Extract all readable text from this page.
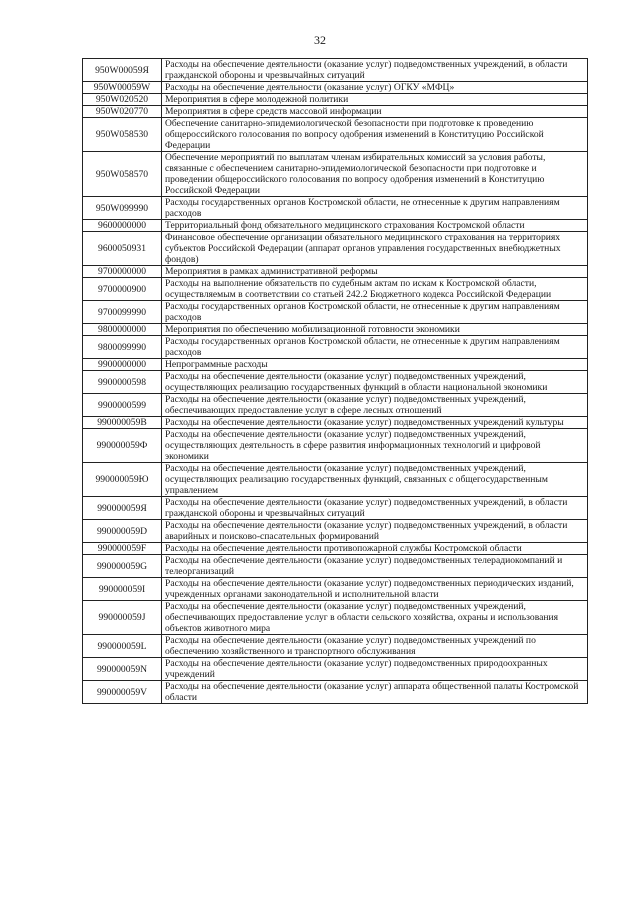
32
950W00059Я	Расходы на обеспечение деятельности (оказание услуг) подведомственных учреждений, в области гражданской обороны и чрезвычайных ситуаций
950W00059W	Расходы на обеспечение деятельности (оказание услуг) ОГКУ «МФЦ»
950W020520	Мероприятия в сфере молодежной политики
950W020770	Мероприятия в сфере средств массовой информации
950W058530	Обеспечение санитарно-эпидемиологической безопасности при подготовке к проведению общероссийского голосования по вопросу одобрения изменений в Конституцию Российской Федерации
950W058570	Обеспечение мероприятий по выплатам членам избирательных комиссий за условия работы, связанные с обеспечением санитарно-эпидемиологической безопасности при подготовке и проведении общероссийского голосования по вопросу одобрения изменений в Конституцию Российской Федерации
950W099990	Расходы государственных органов Костромской области, не отнесенные к другим направлениям расходов
9600000000	Территориальный фонд обязательного медицинского страхования Костромской области
9600050931	Финансовое обеспечение организации обязательного медицинского страхования на территориях субъектов Российской Федерации (аппарат органов управления государственных внебюджетных фондов)
9700000000	Мероприятия в рамках административной реформы
9700000900	Расходы на выполнение обязательств по судебным актам по искам к Костромской области, осуществляемым в соответствии со статьей 242.2 Бюджетного кодекса Российской Федерации
9700099990	Расходы государственных органов Костромской области, не отнесенные к другим направлениям расходов
9800000000	Мероприятия по обеспечению мобилизационной готовности экономики
9800099990	Расходы государственных органов Костромской области, не отнесенные к другим направлениям расходов
9900000000	Непрограммные расходы
9900000598	Расходы на обеспечение деятельности (оказание услуг) подведомственных учреждений, осуществляющих реализацию государственных функций в области национальной экономики
9900000599	Расходы на обеспечение деятельности (оказание услуг) подведомственных учреждений, обеспечивающих предоставление услуг в сфере лесных отношений
990000059В	Расходы на обеспечение деятельности (оказание услуг) подведомственных учреждений культуры
990000059Ф	Расходы на обеспечение деятельности (оказание услуг) подведомственных учреждений, осуществляющих деятельность в сфере развития информационных технологий и цифровой экономики
990000059Ю	Расходы на обеспечение деятельности (оказание услуг) подведомственных учреждений, осуществляющих реализацию государственных функций, связанных с общегосударственным управлением
990000059Я	Расходы на обеспечение деятельности (оказание услуг) подведомственных учреждений, в области гражданской обороны и чрезвычайных ситуаций
990000059D	Расходы на обеспечение деятельности (оказание услуг) подведомственных учреждений, в области аварийных и поисково-спасательных формирований
990000059F	Расходы на обеспечение деятельности противопожарной службы Костромской области
990000059G	Расходы на обеспечение деятельности (оказание услуг) подведомственных телерадиокомпаний и телеорганизаций
990000059I	Расходы на обеспечение деятельности (оказание услуг) подведомственных периодических изданий, учрежденных органами законодательной и исполнительной власти
990000059J	Расходы на обеспечение деятельности (оказание услуг) подведомственных учреждений, обеспечивающих предоставление услуг в области сельского хозяйства, охраны и использования объектов животного мира
990000059L	Расходы на обеспечение деятельности (оказание услуг) подведомственных учреждений по обеспечению хозяйственного и транспортного обслуживания
990000059N	Расходы на обеспечение деятельности (оказание услуг) подведомственных природоохранных учреждений
990000059V	Расходы на обеспечение деятельности (оказание услуг) аппарата общественной палаты Костромской области
